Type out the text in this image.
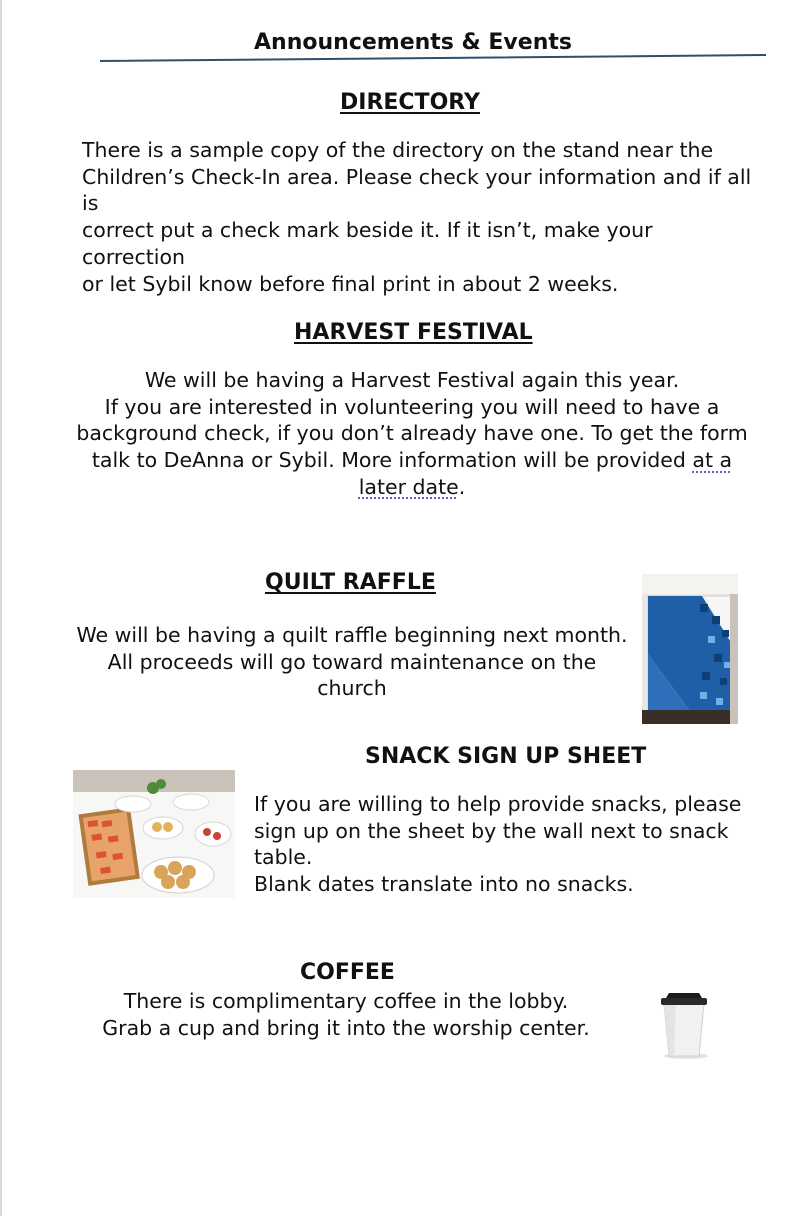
Announcements & Events
DIRECTORY

There is a sample copy of the directory on the stand near the

Children’s Check-In area. Please check your information and if all is

correct put a check mark beside it. If it isn’t, make your correction

or let Sybil know before final print in about 2 weeks.

HARVEST FESTIVAL

We will be having a Harvest Festival again this year.

If you are interested in volunteering you will need to have a

background check, if you don’t already have one. To get the form

talk to DeAnna or Sybil. More information will be provided at a

later date.

QUILT RAFFLE

We will be having a quilt raffle beginning next month.

All proceeds will go toward maintenance on the church

SNACK SIGN UP SHEET

If you are willing to help provide snacks, please

sign up on the sheet by the wall next to snack

table.

Blank dates translate into no snacks.

COFFEE

There is complimentary coffee in the lobby.

Grab a cup and bring it into the worship center.
